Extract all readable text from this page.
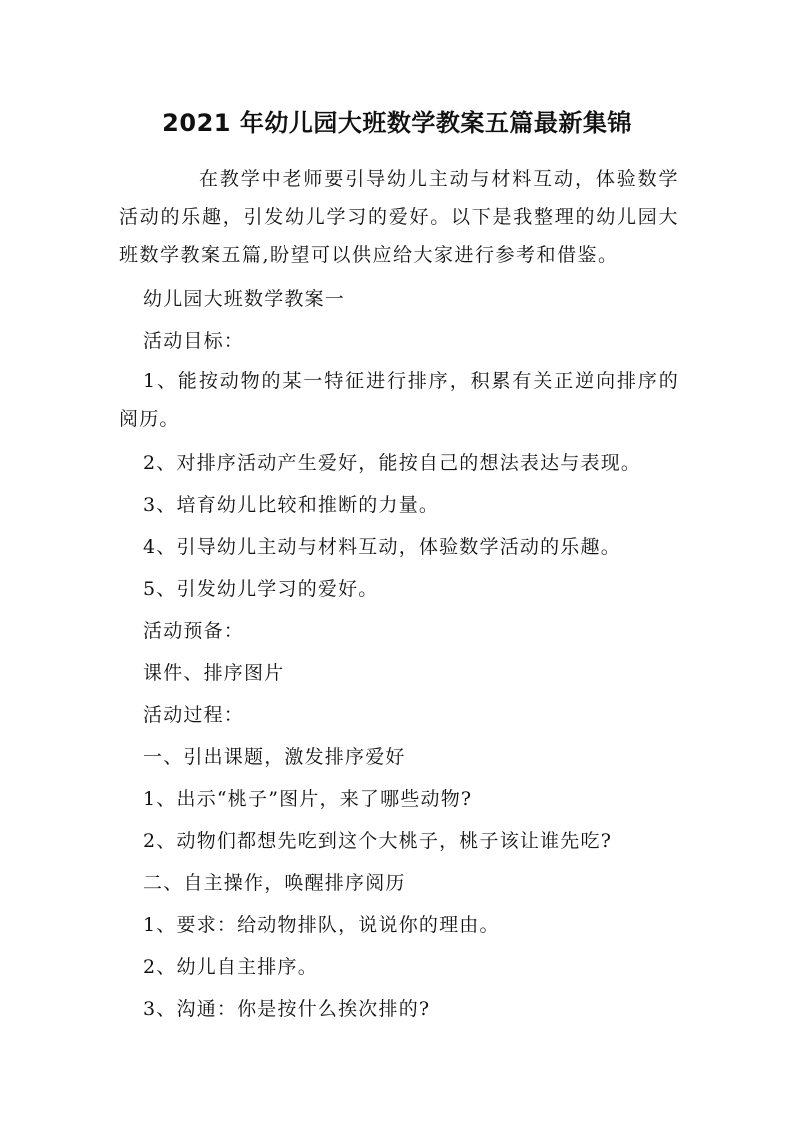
2021 年幼儿园大班数学教案五篇最新集锦

在教学中老师要引导幼儿主动与材料互动，体验数学活动的乐趣，引发幼儿学习的爱好。以下是我整理的幼儿园大班数学教案五篇,盼望可以供应给大家进行参考和借鉴。

幼儿园大班数学教案一

活动目标：

1、能按动物的某一特征进行排序，积累有关正逆向排序的阅历。

2、对排序活动产生爱好，能按自己的想法表达与表现。

3、培育幼儿比较和推断的力量。

4、引导幼儿主动与材料互动，体验数学活动的乐趣。

5、引发幼儿学习的爱好。

活动预备：

课件、排序图片

活动过程：

一、引出课题，激发排序爱好

1、出示“桃子”图片，来了哪些动物?

2、动物们都想先吃到这个大桃子，桃子该让谁先吃?

二、自主操作，唤醒排序阅历

1、要求：给动物排队，说说你的理由。

2、幼儿自主排序。

3、沟通：你是按什么挨次排的?
